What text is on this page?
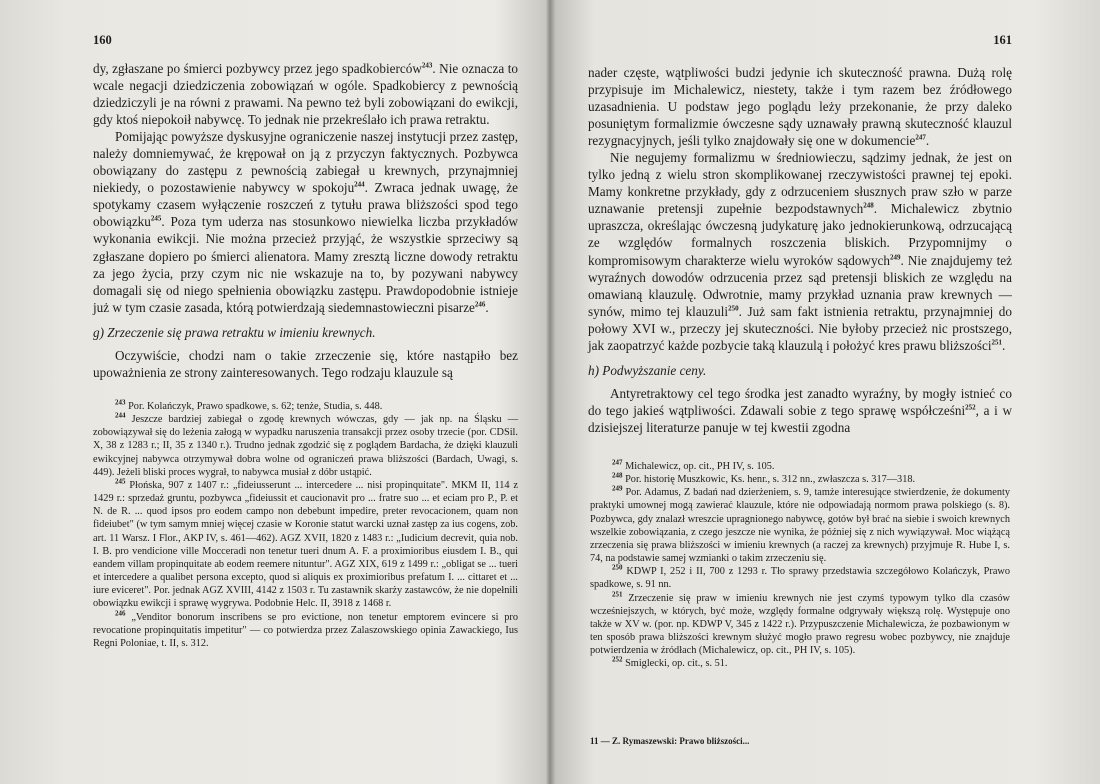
160

dy, zgłaszane po śmierci pozbywcy przez jego spadkobierców$^{243}$. Nie oznacza to wcale negacji dziedziczenia zobowiązań w ogóle. Spadkobiercy z pewnością dziedziczyli je na równi z prawami. Na pewno też byli zobowiązani do ewikcji, gdy ktoś niepokoił nabywcę. To jednak nie przekreślało ich prawa retraktu.

Pomijając powyższe dyskusyjne ograniczenie naszej instytucji przez zastęp, należy domniemywać, że krępował on ją z przyczyn faktycznych. Pozbywca obowiązany do zastępu z pewnością zabiegał u krewnych, przynajmniej niekiedy, o pozostawienie nabywcy w spokoju$^{244}$. Zwraca jednak uwagę, że spotykamy czasem wyłączenie roszczeń z tytułu prawa bliższości spod tego obowiązku$^{245}$. Poza tym uderza nas stosunkowo niewielka liczba przykładów wykonania ewikcji. Nie można przecież przyjąć, że wszystkie sprzeciwy są zgłaszane dopiero po śmierci alienatora. Mamy zresztą liczne dowody retraktu za jego życia, przy czym nic nie wskazuje na to, by pozywani nabywcy domagali się od niego spełnienia obowiązku zastępu. Prawdopodobnie istnieje już w tym czasie zasada, którą potwierdzają siedemnastowieczni pisarze$^{246}$.

g) Zrzeczenie się prawa retraktu w imieniu krewnych.

Oczywiście, chodzi nam o takie zrzeczenie się, które nastąpiło bez upoważnienia ze strony zainteresowanych. Tego rodzaju klauzule są

$^{243}$ Por. Kolańczyk, Prawo spadkowe, s. 62; tenże, Studia, s. 448.

$^{244}$ Jeszcze bardziej zabiegał o zgodę krewnych wówczas, gdy — jak np. na Śląsku — zobowiązywał się do leżenia załogą w wypadku naruszenia transakcji przez osoby trzecie (por. CDSil. X, 38 z 1283 r.; II, 35 z 1340 r.). Trudno jednak zgodzić się z poglądem Bardacha, że dzięki klauzuli ewikcyjnej nabywca otrzymywał dobra wolne od ograniczeń prawa bliższości (Bardach, Uwagi, s. 449). Jeżeli bliski proces wygrał, to nabywca musiał z dóbr ustąpić.

$^{245}$ Płońska, 907 z 1407 r.: „fideiusserunt ... intercedere ... nisi propinquitate". MKM II, 114 z 1429 r.: sprzedaż gruntu, pozbywca „fideiussit et caucionavit pro ... fratre suo ... et eciam pro P., P. et N. de R. ... quod ipsos pro eodem campo non debebunt impedire, preter revocacionem, quam non fideiubet" (w tym samym mniej więcej czasie w Koronie statut warcki uznał zastęp za ius cogens, zob. art. 11 Warsz. I Flor., AKP IV, s. 461—462). AGZ XVII, 1820 z 1483 r.: „Iudicium decrevit, quia nob. I. B. pro vendicione ville Mocceradi non tenetur tueri dnum A. F. a proximioribus eiusdem I. B., qui eandem villam propinquitate ab eodem reemere nituntur". AGZ XIX, 619 z 1499 r.: „obligat se ... tueri et intercedere a qualibet persona excepto, quod si aliquis ex proximioribus prefatum I. ... cittaret et ... iure eviceret". Por. jednak AGZ XVIII, 4142 z 1503 r. Tu zastawnik skarży zastawców, że nie dopełnili obowiązku ewikcji i sprawę wygrywa. Podobnie Helc. II, 3918 z 1468 r.

$^{246}$ „Venditor bonorum inscribens se pro evictione, non tenetur emptorem evincere si pro revocatione propinquitatis impetitur" — co potwierdza przez Zalaszowskiego opinia Zawackiego, Ius Regni Poloniae, t. II, s. 312.

161

nader częste, wątpliwości budzi jedynie ich skuteczność prawna. Dużą rolę przypisuje im Michalewicz, niestety, także i tym razem bez źródłowego uzasadnienia. U podstaw jego poglądu leży przekonanie, że przy daleko posuniętym formalizmie ówczesne sądy uznawały prawną skuteczność klauzul rezygnacyjnych, jeśli tylko znajdowały się one w dokumencie$^{247}$.

Nie negujemy formalizmu w średniowieczu, sądzimy jednak, że jest on tylko jedną z wielu stron skomplikowanej rzeczywistości prawnej tej epoki. Mamy konkretne przykłady, gdy z odrzuceniem słusznych praw szło w parze uznawanie pretensji zupełnie bezpodstawnych$^{248}$. Michalewicz zbytnio upraszcza, określając ówczesną judykaturę jako jednokierunkową, odrzucającą ze względów formalnych roszczenia bliskich. Przypomnijmy o kompromisowym charakterze wielu wyroków sądowych$^{249}$. Nie znajdujemy też wyraźnych dowodów odrzucenia przez sąd pretensji bliskich ze względu na omawianą klauzulę. Odwrotnie, mamy przykład uznania praw krewnych — synów, mimo tej klauzuli$^{250}$. Już sam fakt istnienia retraktu, przynajmniej do połowy XVI w., przeczy jej skuteczności. Nie byłoby przecież nic prostszego, jak zaopatrzyć każde pozbycie taką klauzulą i położyć kres prawu bliższości$^{251}$.

h) Podwyższanie ceny.

Antyretraktowy cel tego środka jest zanadto wyraźny, by mogły istnieć co do tego jakieś wątpliwości. Zdawali sobie z tego sprawę współcześni$^{252}$, a i w dzisiejszej literaturze panuje w tej kwestii zgodna

$^{247}$ Michalewicz, op. cit., PH IV, s. 105.

$^{248}$ Por. historię Muszkowic, Ks. henr., s. 312 nn., zwłaszcza s. 317—318.

$^{249}$ Por. Adamus, Z badań nad dzierżeniem, s. 9, tamże interesujące stwierdzenie, że dokumenty praktyki umownej mogą zawierać klauzule, które nie odpowiadają normom prawa polskiego (s. 8). Pozbywca, gdy znalazł wreszcie upragnionego nabywcę, gotów był brać na siebie i swoich krewnych wszelkie zobowiązania, z czego jeszcze nie wynika, że później się z nich wywiązywał. Moc wiążącą zrzeczenia się prawa bliższości w imieniu krewnych (a raczej za krewnych) przyjmuje R. Hube I, s. 74, na podstawie samej wzmianki o takim zrzeczeniu się.

$^{250}$ KDWP I, 252 i II, 700 z 1293 r. Tło sprawy przedstawia szczegółowo Kolańczyk, Prawo spadkowe, s. 91 nn.

$^{251}$ Zrzeczenie się praw w imieniu krewnych nie jest czymś typowym tylko dla czasów wcześniejszych, w których, być może, względy formalne odgrywały większą rolę. Występuje ono także w XV w. (por. np. KDWP V, 345 z 1422 r.). Przypuszczenie Michalewicza, że pozbawionym w ten sposób prawa bliższości krewnym służyć mogło prawo regresu wobec pozbywcy, nie znajduje potwierdzenia w źródłach (Michalewicz, op. cit., PH IV, s. 105).

$^{252}$ Smiglecki, op. cit., s. 51.

11 — Z. Rymaszewski: Prawo bliższości...
